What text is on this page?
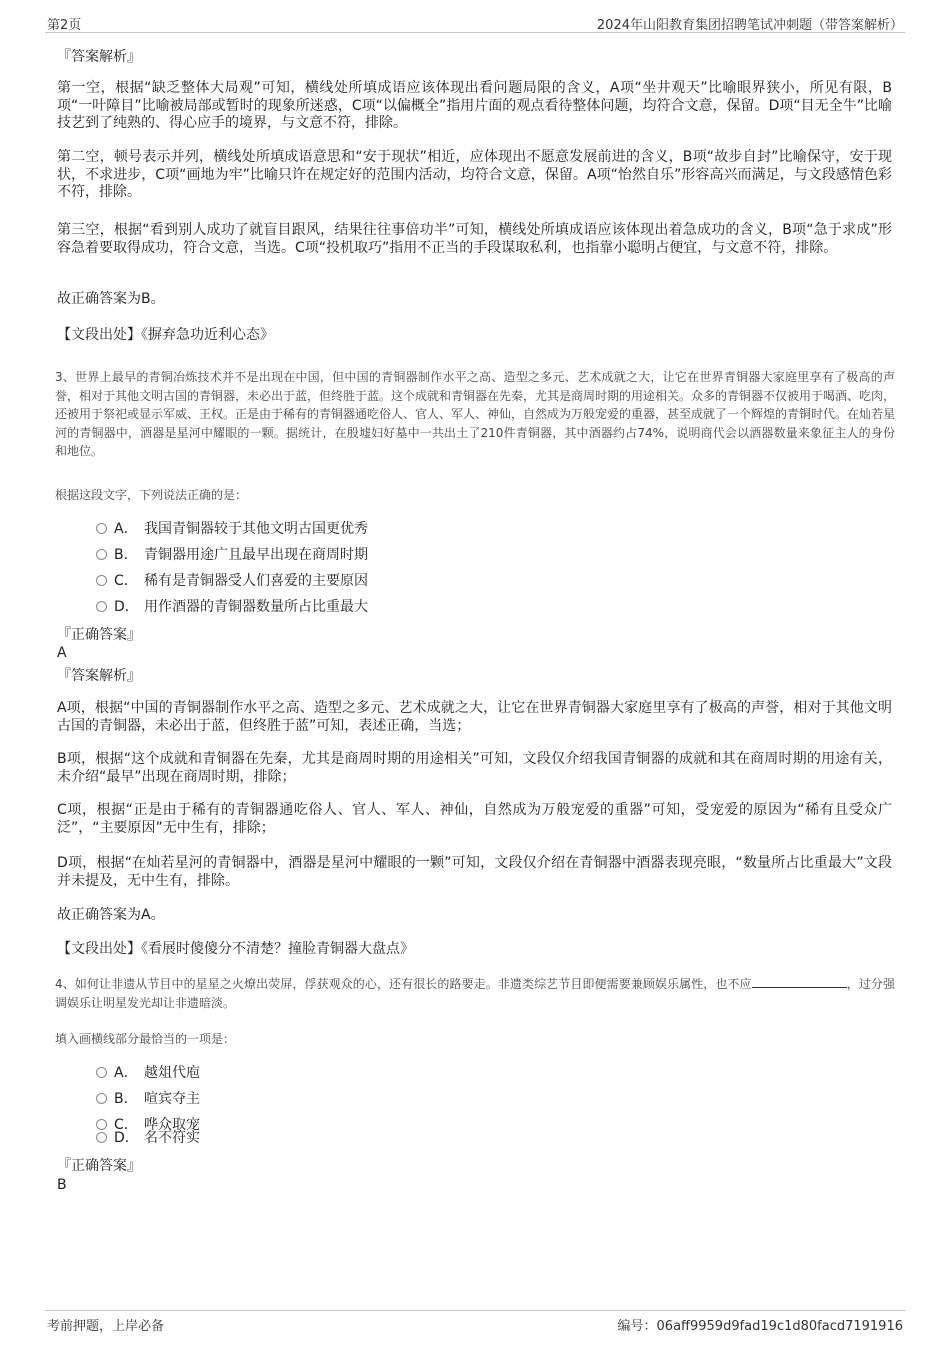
第2页	2024年山阳教育集团招聘笔试冲刺题（带答案解析）
『答案解析』
第一空，根据“缺乏整体大局观”可知，横线处所填成语应该体现出看问题局限的含义，A项“坐井观天”比喻眼界狭小，所见有限，B项“一叶障目”比喻被局部或暂时的现象所迷惑，C项“以偏概全”指用片面的观点看待整体问题，均符合文意，保留。D项“目无全牛”比喻技艺到了纯熟的、得心应手的境界，与文意不符，排除。
第二空，顿号表示并列，横线处所填成语意思和“安于现状”相近，应体现出不愿意发展前进的含义，B项“故步自封”比喻保守，安于现状，不求进步，C项“画地为牢”比喻只许在规定好的范围内活动，均符合文意，保留。A项“怡然自乐”形容高兴而满足，与文段感情色彩不符，排除。
第三空，根据“看到别人成功了就盲目跟风，结果往往事倍功半”可知，横线处所填成语应该体现出着急成功的含义，B项“急于求成”形容急着要取得成功，符合文意，当选。C项“投机取巧”指用不正当的手段谋取私利，也指靠小聪明占便宜，与文意不符，排除。
故正确答案为B。
【文段出处】《摒弃急功近利心态》
3、世界上最早的青铜冶炼技术并不是出现在中国，但中国的青铜器制作水平之高、造型之多元、艺术成就之大，让它在世界青铜器大家庭里享有了极高的声誉，相对于其他文明古国的青铜器，未必出于蓝，但终胜于蓝。这个成就和青铜器在先秦，尤其是商周时期的用途相关。众多的青铜器不仅被用于喝酒、吃肉，还被用于祭祀或显示军威、王权。正是由于稀有的青铜器通吃俗人、官人、军人、神仙，自然成为万般宠爱的重器，甚至成就了一个辉煌的青铜时代。在灿若星河的青铜器中，酒器是星河中耀眼的一颗。据统计，在殷墟妇好墓中一共出土了210件青铜器，其中酒器约占74%，说明商代会以酒器数量来象征主人的身份和地位。
根据这段文字，下列说法正确的是：
A． 我国青铜器较于其他文明古国更优秀
B． 青铜器用途广且最早出现在商周时期
C． 稀有是青铜器受人们喜爱的主要原因
D． 用作酒器的青铜器数量所占比重最大
『正确答案』
A
『答案解析』
A项，根据“中国的青铜器制作水平之高、造型之多元、艺术成就之大，让它在世界青铜器大家庭里享有了极高的声誉，相对于其他文明古国的青铜器，未必出于蓝，但终胜于蓝”可知，表述正确，当选；
B项，根据“这个成就和青铜器在先秦，尤其是商周时期的用途相关”可知，文段仅介绍我国青铜器的成就和其在商周时期的用途有关，未介绍“最早”出现在商周时期，排除；
C项，根据“正是由于稀有的青铜器通吃俗人、官人、军人、神仙，自然成为万般宠爱的重器”可知，受宠爱的原因为“稀有且受众广泛”，“主要原因”无中生有，排除；
D项，根据“在灿若星河的青铜器中，酒器是星河中耀眼的一颗”可知，文段仅介绍在青铜器中酒器表现亮眼，“数量所占比重最大”文段并未提及，无中生有，排除。
故正确答案为A。
【文段出处】《看展时傻傻分不清楚？撞脸青铜器大盘点》
4、如何让非遗从节目中的星星之火燎出荧屏，俘获观众的心，还有很长的路要走。非遗类综艺节目即便需要兼顾娱乐属性，也不应	，过分强调娱乐让明星发光却让非遗暗淡。
填入画横线部分最恰当的一项是：
A． 越俎代庖
B． 喧宾夺主
C． 哗众取宠
D． 名不符实
『正确答案』
B
考前押题，上岸必备	编号：06aff9959d9fad19c1d80facd7191916
